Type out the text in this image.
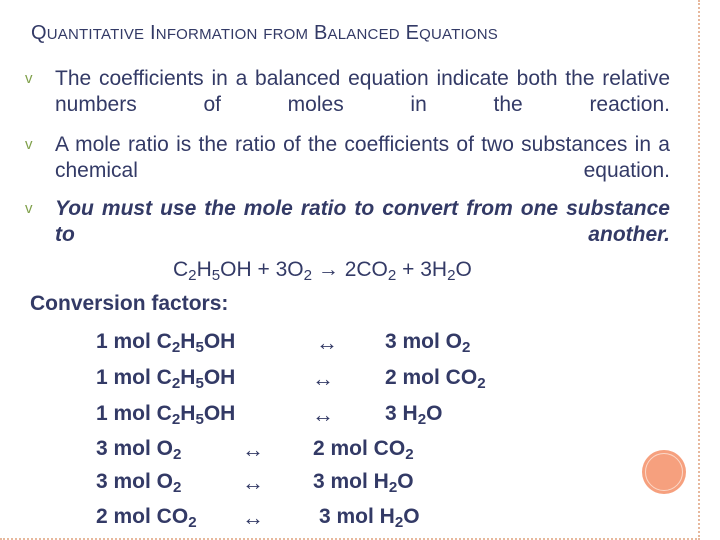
QUANTITATIVE INFORMATION FROM BALANCED EQUATIONS
v	The coefficients in a balanced equation indicate both the relative numbers of moles in the reaction.
v	A mole ratio is the ratio of the coefficients of two substances in a chemical equation.
v	You must use the mole ratio to convert from one substance to another.
$C_2H_5OH + 3O_2 \to 2CO_2 + 3H_2O$
Conversion factors:
1 mol $C_2H_5OH$	↔ 3 mol $O_2$
1 mol $C_2H_5OH$	↔ 2 mol $CO_2$
1 mol $C_2H_5OH$	↔ 3 $H_2O$
3 mol $O_2$	↔ 2 mol $CO_2$
3 mol $O_2$	↔ 3 mol $H_2O$
2 mol $CO_2$ ↔	3 mol $H_2O$
